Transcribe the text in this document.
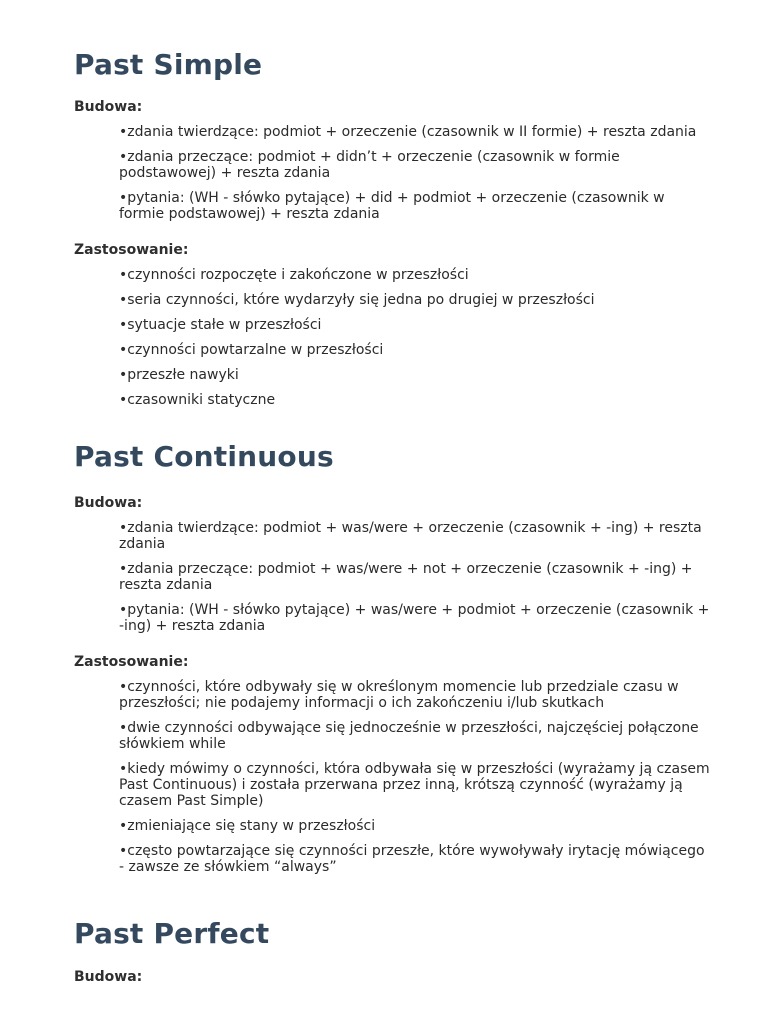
Past Simple
Budowa:
•zdania twierdzące: podmiot + orzeczenie (czasownik w II formie) + reszta zdania
•zdania przeczące: podmiot + didn’t + orzeczenie (czasownik w formie podstawowej) + reszta zdania
•pytania: (WH - słówko pytające) + did + podmiot + orzeczenie (czasownik w formie podstawowej) + reszta zdania
Zastosowanie:
•czynności rozpoczęte i zakończone w przeszłości
•seria czynności, które wydarzyły się jedna po drugiej w przeszłości
•sytuacje stałe w przeszłości
•czynności powtarzalne w przeszłości
•przeszłe nawyki
•czasowniki statyczne
Past Continuous
Budowa:
•zdania twierdzące: podmiot + was/were + orzeczenie (czasownik + -ing) + reszta zdania
•zdania przeczące: podmiot + was/were + not + orzeczenie (czasownik + -ing) + reszta zdania
•pytania: (WH - słówko pytające) + was/were + podmiot + orzeczenie (czasownik + -ing) + reszta zdania
Zastosowanie:
•czynności, które odbywały się w określonym momencie lub przedziale czasu w przeszłości; nie podajemy informacji o ich zakończeniu i/lub skutkach
•dwie czynności odbywające się jednocześnie w przeszłości, najczęściej połączone słówkiem while
•kiedy mówimy o czynności, która odbywała się w przeszłości (wyrażamy ją czasem Past Continuous) i została przerwana przez inną, krótszą czynność (wyrażamy ją czasem Past Simple)
•zmieniające się stany w przeszłości
•często powtarzające się czynności przeszłe, które wywoływały irytację mówiącego - zawsze ze słówkiem “always”
Past Perfect
Budowa:
